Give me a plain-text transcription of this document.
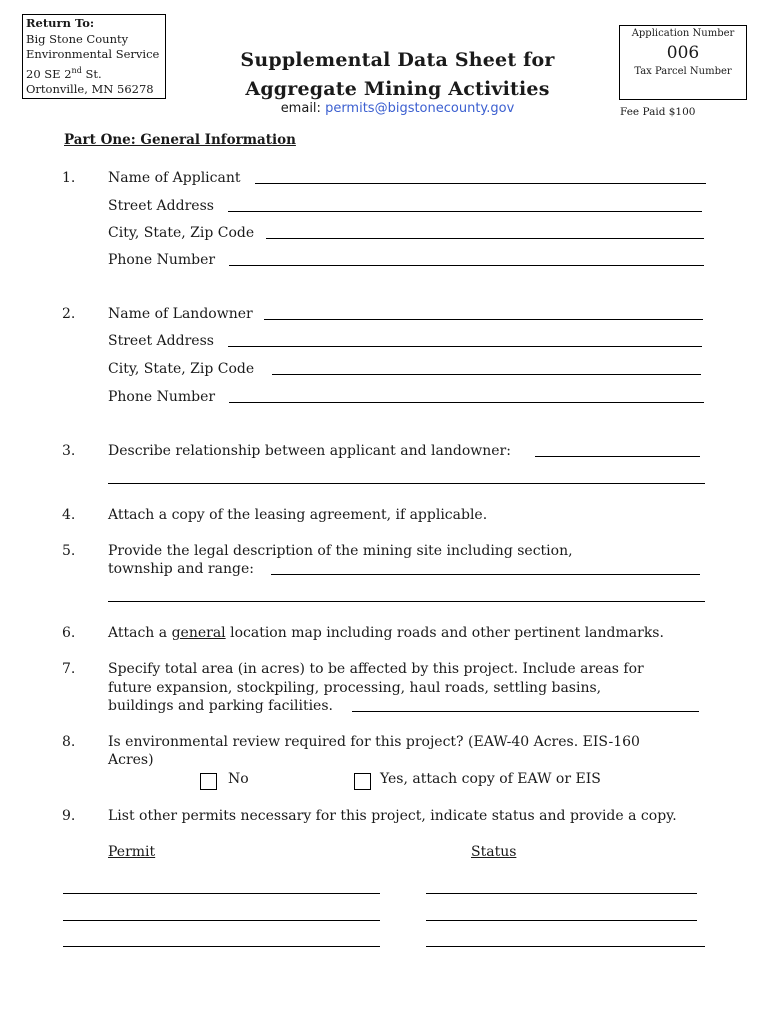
Return To:
Big Stone County
Environmental Service
20 SE 2nd St.
Ortonville, MN 56278
Supplemental Data Sheet for
Aggregate Mining Activities
email: permits@bigstonecounty.gov
Application Number
006
Tax Parcel Number
Fee Paid $100
Part One: General Information
1. Name of Applicant
Street Address
City, State, Zip Code
Phone Number
2. Name of Landowner
Street Address
City, State, Zip Code
Phone Number
3. Describe relationship between applicant and landowner:
4. Attach a copy of the leasing agreement, if applicable.
5. Provide the legal description of the mining site including section,
township and range:
6. Attach a general location map including roads and other pertinent landmarks.
7. Specify total area (in acres) to be affected by this project. Include areas for
future expansion, stockpiling, processing, haul roads, settling basins,
buildings and parking facilities.
8. Is environmental review required for this project? (EAW-40 Acres. EIS-160
Acres)
No	Yes, attach copy of EAW or EIS
9. List other permits necessary for this project, indicate status and provide a copy.
Permit	Status
